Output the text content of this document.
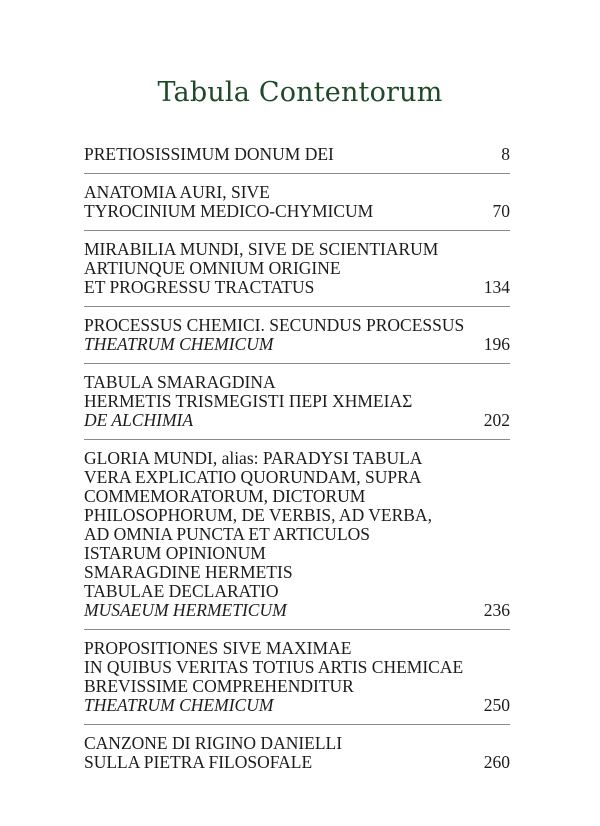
Tabula Contentorum
PRETIOSISSIMUM DONUM DEI	8
ANATOMIA AURI, SIVE
TYROCINIUM MEDICO-CHYMICUM	70
MIRABILIA MUNDI, SIVE DE SCIENTIARUM
ARTIUNQUE OMNIUM ORIGINE
ET PROGRESSU TRACTATUS	134
PROCESSUS CHEMICI. SECUNDUS PROCESSUS
THEATRUM CHEMICUM	196
TABULA SMARAGDINA
HERMETIS TRISMEGISTI ΠΕΡΙ ΧΗΜΕΙΑΣ
DE ALCHIMIA	202
GLORIA MUNDI, alias: PARADYSI TABULA
VERA EXPLICATIO QUORUNDAM, SUPRA
COMMEMORATORUM, DICTORUM
PHILOSOPHORUM, DE VERBIS, AD VERBA,
AD OMNIA PUNCTA ET ARTICULOS
ISTARUM OPINIONUM
SMARAGDINE HERMETIS
TABULAE DECLARATIO
MUSAEUM HERMETICUM	236
PROPOSITIONES SIVE MAXIMAE
IN QUIBUS VERITAS TOTIUS ARTIS CHEMICAE
BREVISSIME COMPREHENDITUR
THEATRUM CHEMICUM	250
CANZONE DI RIGINO DANIELLI
SULLA PIETRA FILOSOFALE	260
